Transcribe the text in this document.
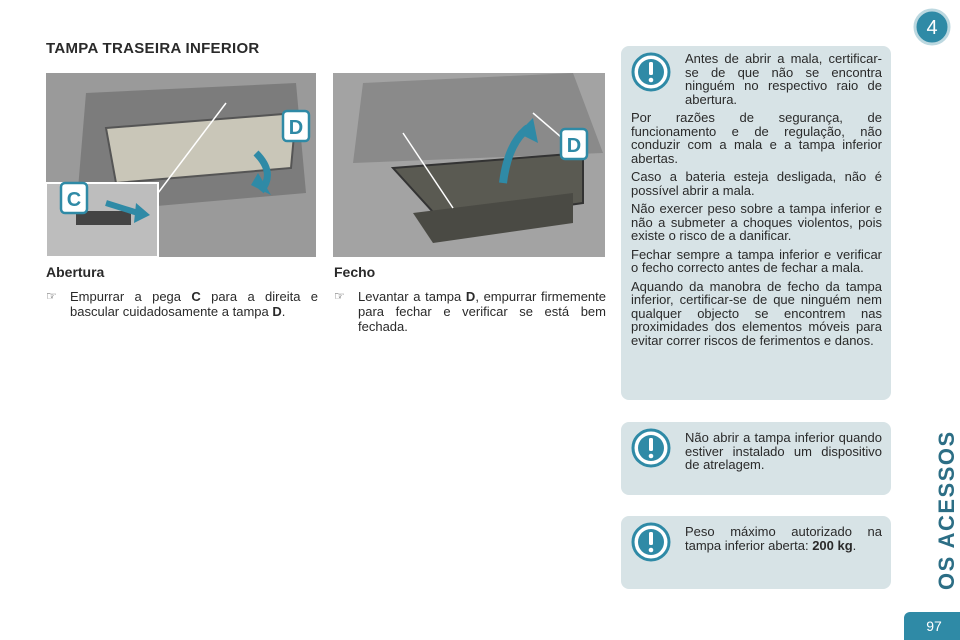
TAMPA TRASEIRA INFERIOR
D
C
D
Abertura
☞ Empurrar a pega C para a direita e bascular cuidadosamente a tampa D.
Fecho
☞ Levantar a tampa D, empurrar firmemente para fechar e verificar se está bem fechada.

Antes de abrir a mala, certificar-se de que não se encontra ninguém no respectivo raio de abertura.

Por razões de segurança, de funcionamento e de regulação, não conduzir com a mala e a tampa inferior abertas.

Caso a bateria esteja desligada, não é possível abrir a mala.

Não exercer peso sobre a tampa inferior e não a submeter a choques violentos, pois existe o risco de a danificar.

Fechar sempre a tampa inferior e verificar o fecho correcto antes de fechar a mala.

Aquando da manobra de fecho da tampa inferior, certificar-se de que ninguém nem qualquer objecto se encontrem nas proximidades dos elementos móveis para evitar correr riscos de ferimentos e danos.

Não abrir a tampa inferior quando estiver instalado um dispositivo de atrelagem.

Peso máximo autorizado na tampa inferior aberta: 200 kg.

4
OS ACESSOS
97
